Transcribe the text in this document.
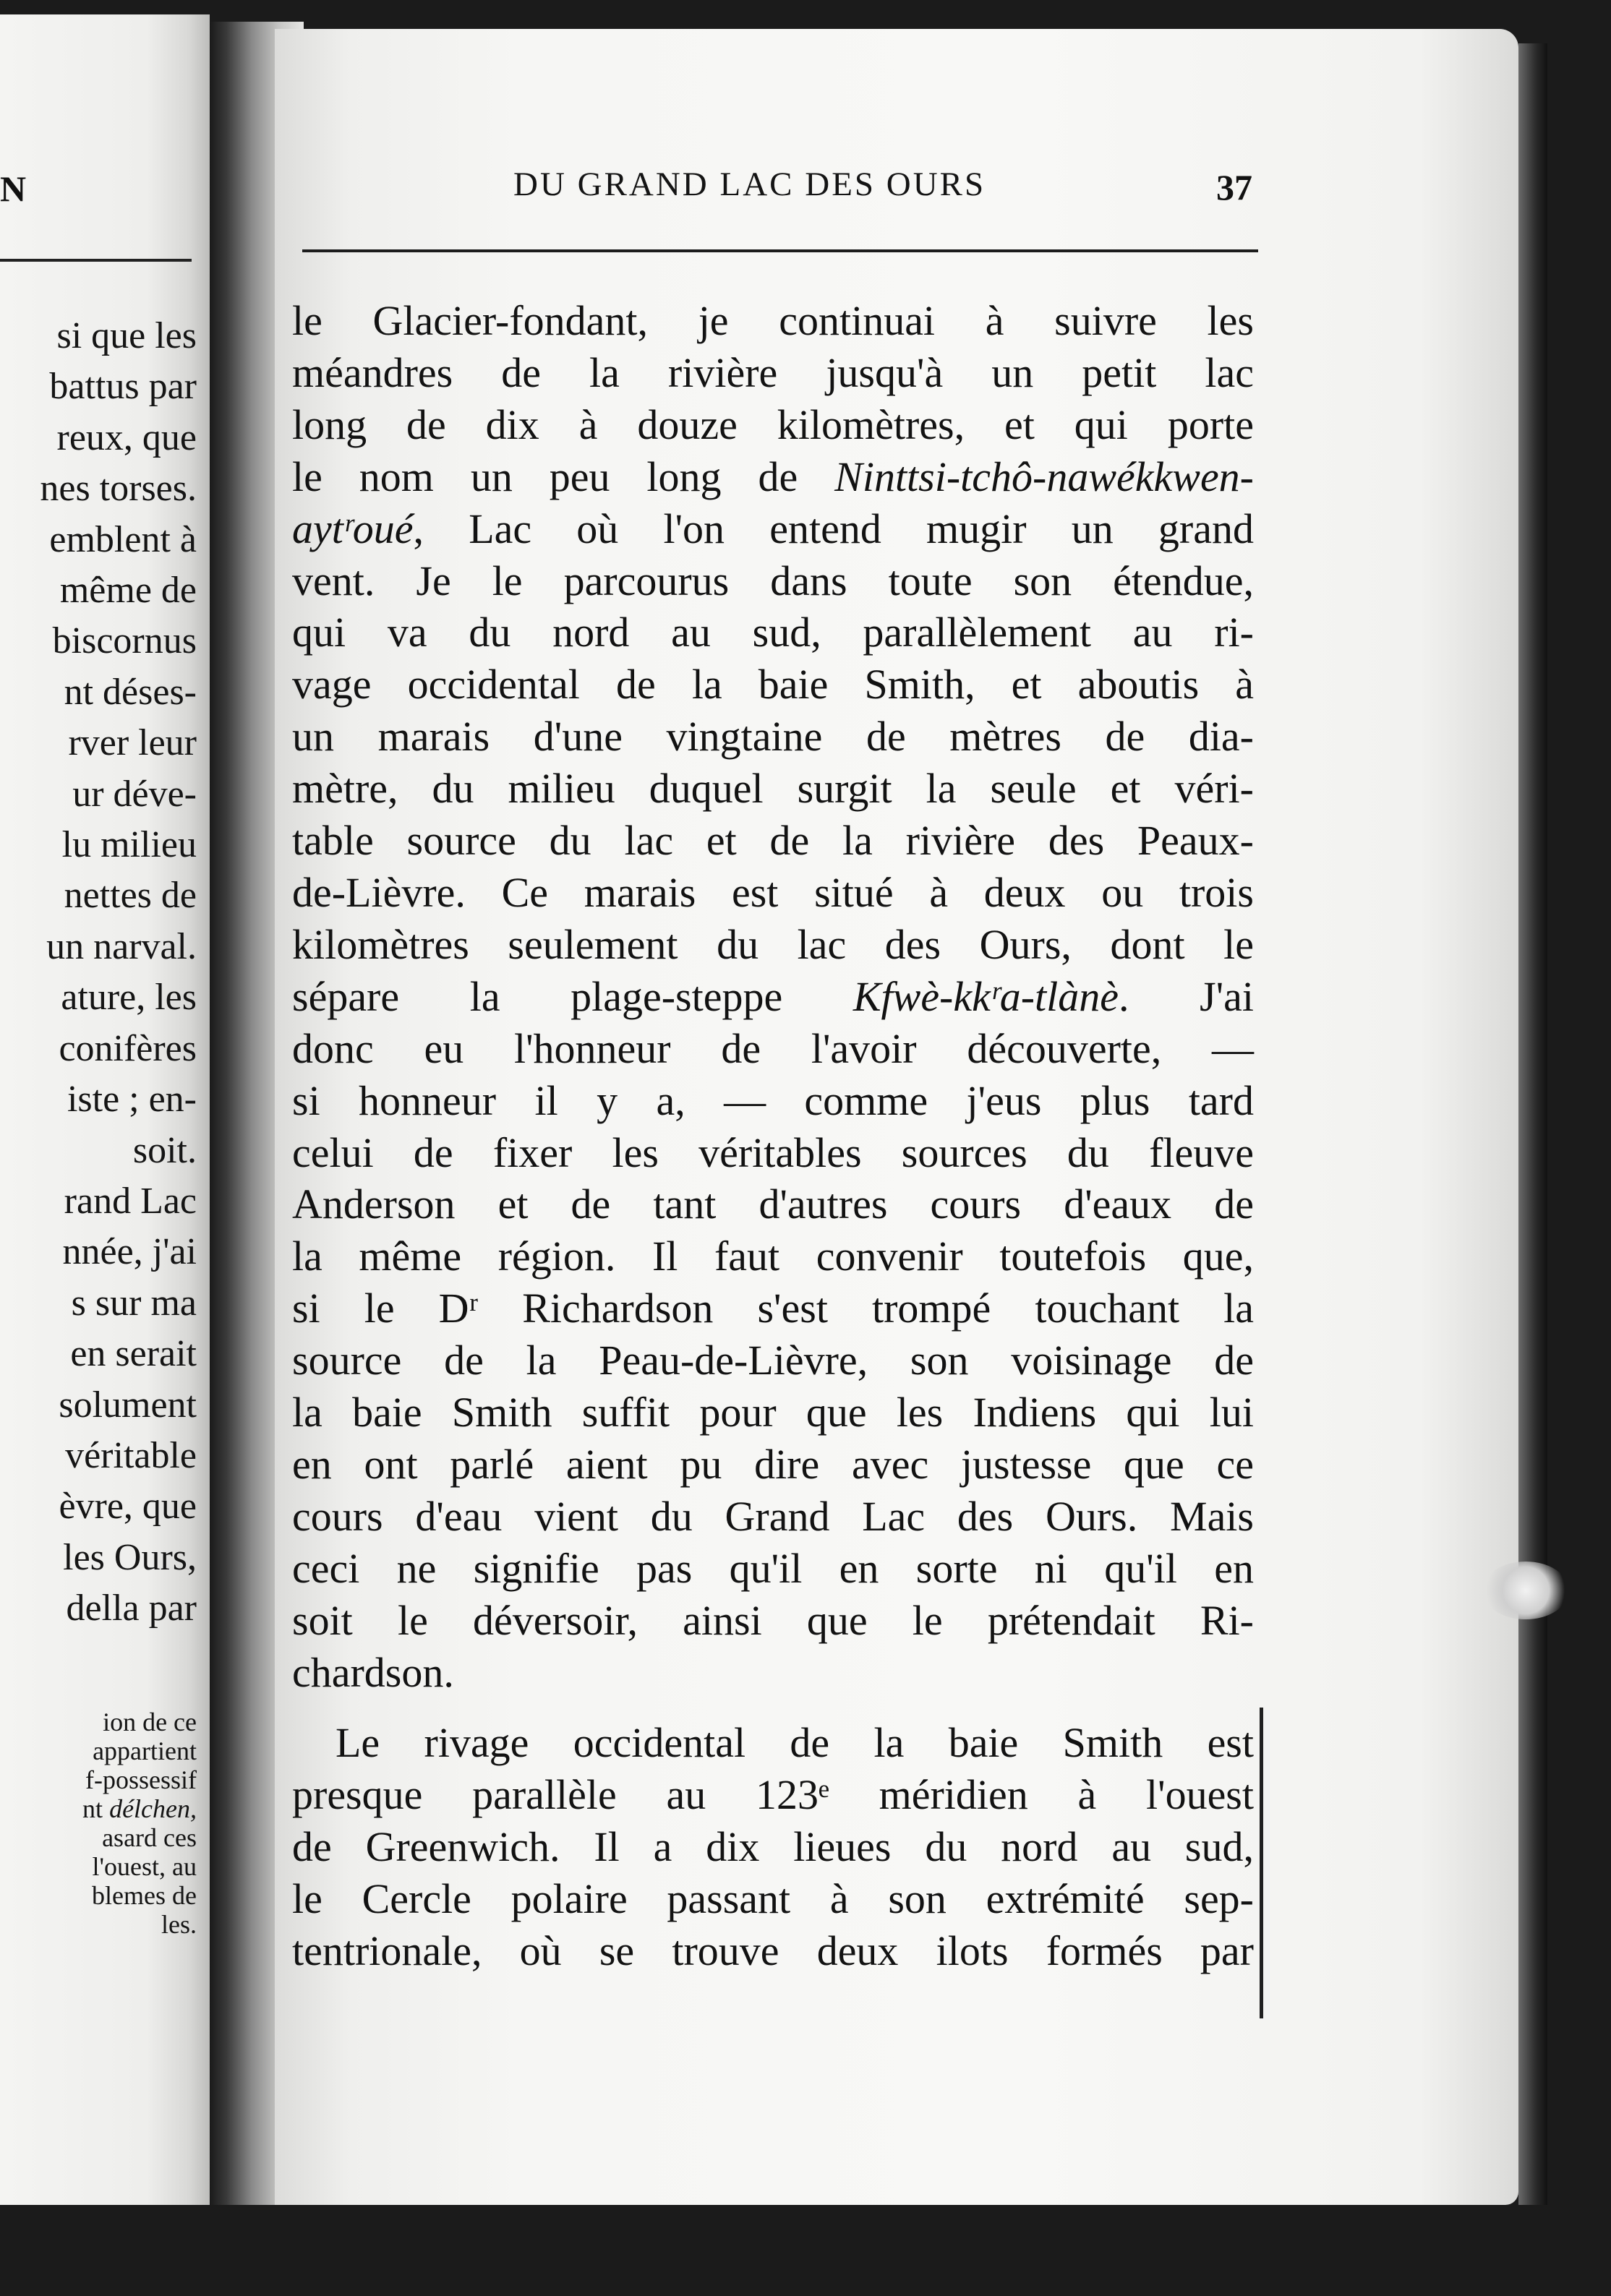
N
si que les
battus par
reux, que
nes torses.
emblent à
même de
biscornus
nt déses-
rver leur
ur déve-
lu milieu
nettes de
un narval.
ature, les
conifères
iste ; en-
soit.
rand Lac
nnée, j'ai
s sur ma
en serait
solument
véritable
èvre, que
les Ours,
della par
ion de ce
appartient
f-possessif
nt délchen,
asard ces
l'ouest, au
blemes de
les.
DU GRAND LAC DES OURS	37
le Glacier-fondant, je continuai à suivre les
méandres de la rivière jusqu'à un petit lac
long de dix à douze kilomètres, et qui porte
le nom un peu long de Ninttsi-tchô-nawékkwen-
aytʳoué, Lac où l'on entend mugir un grand
vent. Je le parcourus dans toute son étendue,
qui va du nord au sud, parallèlement au ri-
vage occidental de la baie Smith, et aboutis à
un marais d'une vingtaine de mètres de dia-
mètre, du milieu duquel surgit la seule et véri-
table source du lac et de la rivière des Peaux-
de-Lièvre. Ce marais est situé à deux ou trois
kilomètres seulement du lac des Ours, dont le
sépare la plage-steppe Kfwè-kkʳa-tlànè. J'ai
donc eu l'honneur de l'avoir découverte, —
si honneur il y a, — comme j'eus plus tard
celui de fixer les véritables sources du fleuve
Anderson et de tant d'autres cours d'eaux de
la même région. Il faut convenir toutefois que,
si le Dʳ Richardson s'est trompé touchant la
source de la Peau-de-Lièvre, son voisinage de
la baie Smith suffit pour que les Indiens qui lui
en ont parlé aient pu dire avec justesse que ce
cours d'eau vient du Grand Lac des Ours. Mais
ceci ne signifie pas qu'il en sorte ni qu'il en
soit le déversoir, ainsi que le prétendait Ri-
chardson.
Le rivage occidental de la baie Smith est
presque parallèle au 123ᵉ méridien à l'ouest
de Greenwich. Il a dix lieues du nord au sud,
le Cercle polaire passant à son extrémité sep-
tentrionale, où se trouve deux ilots formés par
